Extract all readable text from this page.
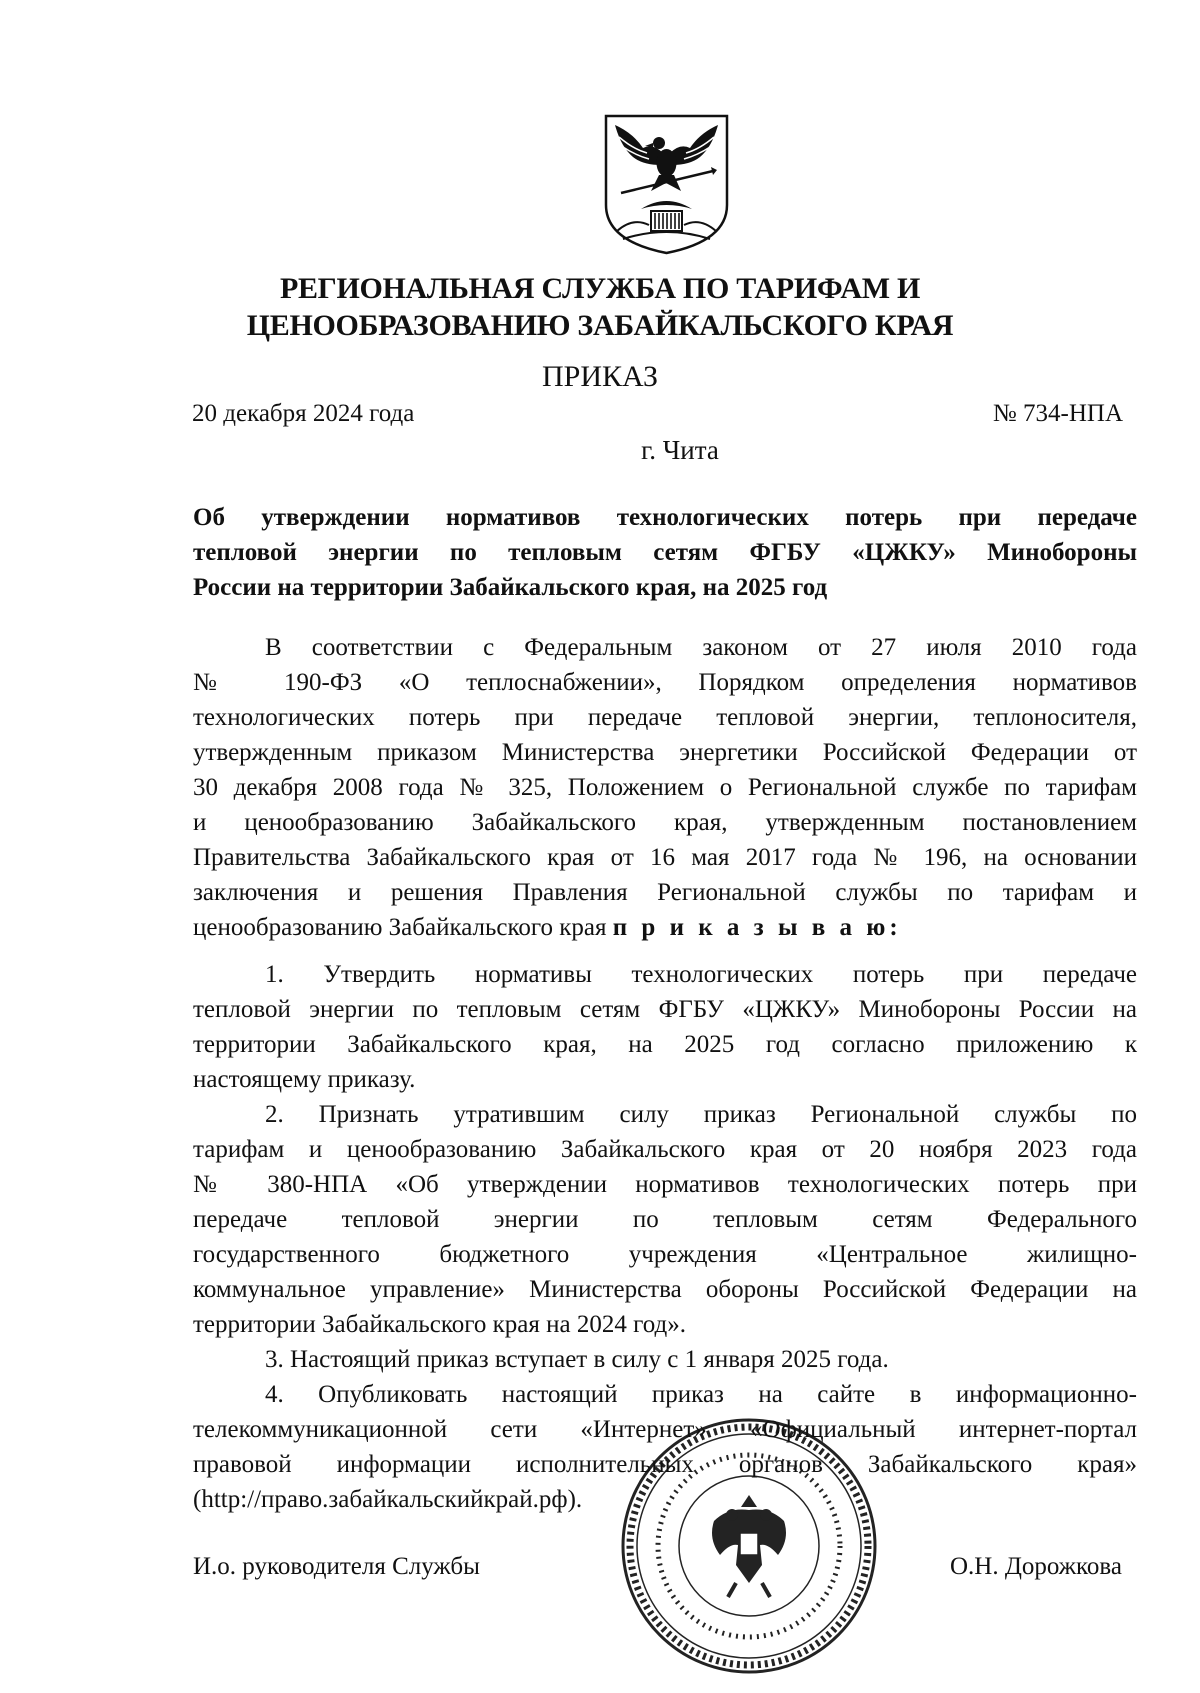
РЕГИОНАЛЬНАЯ СЛУЖБА ПО ТАРИФАМ И
ЦЕНООБРАЗОВАНИЮ ЗАБАЙКАЛЬСКОГО КРАЯ
ПРИКАЗ
20 декабря 2024 года	№ 734-НПА
г. Чита
Об утверждении нормативов технологических потерь при передаче
тепловой энергии по тепловым сетям ФГБУ «ЦЖКУ» Минобороны
России на территории Забайкальского края, на 2025 год
В соответствии с Федеральным законом от 27 июля 2010 года
№ 190-ФЗ «О теплоснабжении», Порядком определения нормативов
технологических потерь при передаче тепловой энергии, теплоносителя,
утвержденным приказом Министерства энергетики Российской Федерации от
30 декабря 2008 года № 325, Положением о Региональной службе по тарифам
и ценообразованию Забайкальского края, утвержденным постановлением
Правительства Забайкальского края от 16 мая 2017 года № 196, на основании
заключения и решения Правления Региональной службы по тарифам и
ценообразованию Забайкальского края п р и к а з ы в а ю:
1. Утвердить нормативы технологических потерь при передаче
тепловой энергии по тепловым сетям ФГБУ «ЦЖКУ» Минобороны России на
территории Забайкальского края, на 2025 год согласно приложению к
настоящему приказу.
2. Признать утратившим силу приказ Региональной службы по
тарифам и ценообразованию Забайкальского края от 20 ноября 2023 года
№ 380-НПА «Об утверждении нормативов технологических потерь при
передаче тепловой энергии по тепловым сетям Федерального
государственного бюджетного учреждения «Центральное жилищно-
коммунальное управление» Министерства обороны Российской Федерации на
территории Забайкальского края на 2024 год».
3. Настоящий приказ вступает в силу с 1 января 2025 года.
4. Опубликовать настоящий приказ на сайте в информационно-
телекоммуникационной сети «Интернет» «Официальный интернет-портал
правовой информации исполнительных органов Забайкальского края»
(http://право.забайкальскийкрай.рф).
И.о. руководителя Службы	О.Н. Дорожкова
